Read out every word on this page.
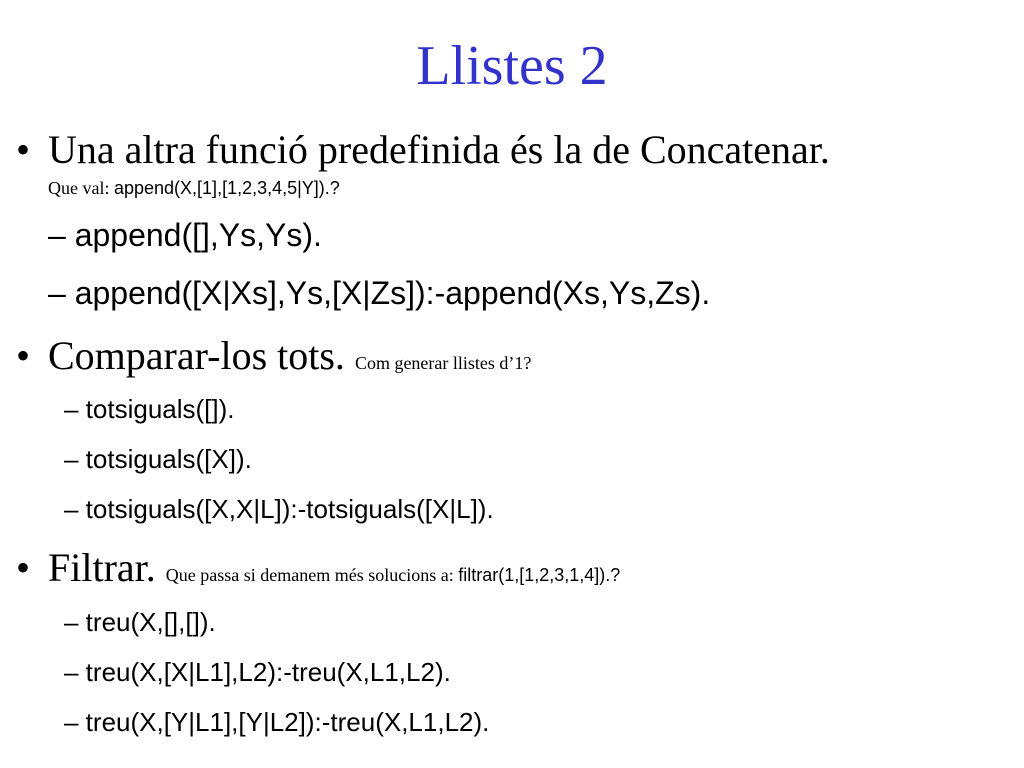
Llistes 2
• Una altra funció predefinida és la de Concatenar.
Que val: append(X,[1],[1,2,3,4,5|Y]).?
– append([],Ys,Ys).
– append([X|Xs],Ys,[X|Zs]):-append(Xs,Ys,Zs).
• Comparar-los tots. Com generar llistes d’1?
– totsiguals([]).
– totsiguals([X]).
– totsiguals([X,X|L]):-totsiguals([X|L]).
• Filtrar. Que passa si demanem més solucions a: filtrar(1,[1,2,3,1,4]).?
– treu(X,[],[]).
– treu(X,[X|L1],L2):-treu(X,L1,L2).
– treu(X,[Y|L1],[Y|L2]):-treu(X,L1,L2).
